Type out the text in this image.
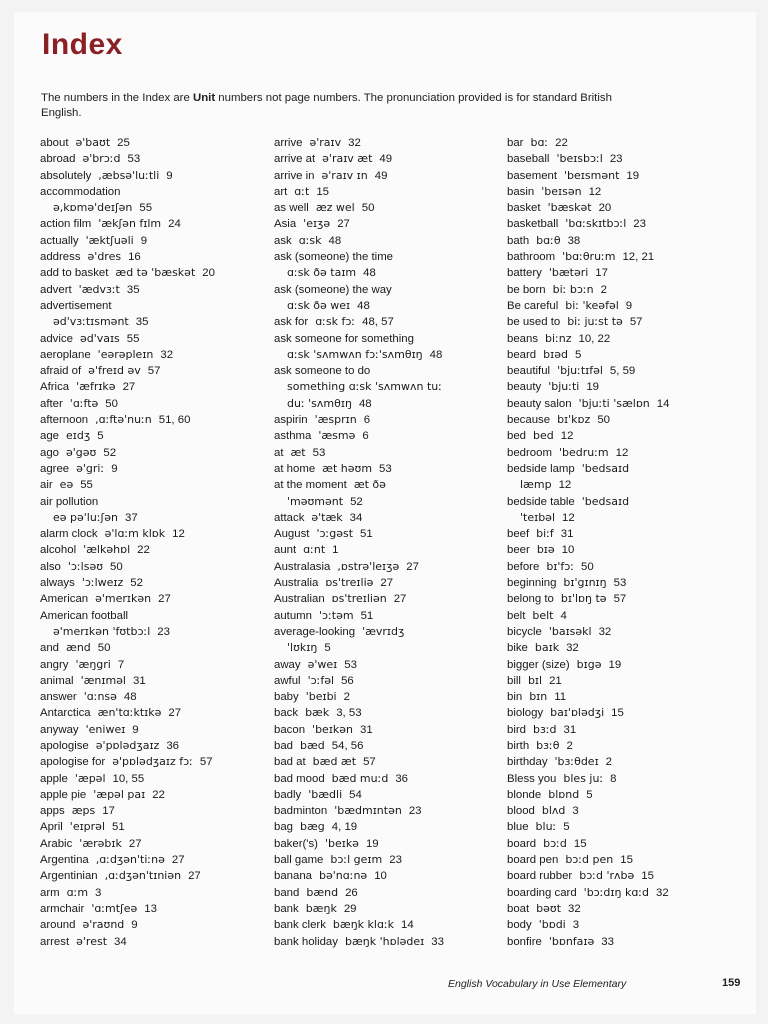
Index
The numbers in the Index are Unit numbers not page numbers. The pronunciation provided is for standard British English.
about ə'baʊt 25
abroad ə'brɔːd 53
absolutely ,æbsə'luːtli 9
accommodation
ə,kɒmə'deɪʃən 55
action film 'ækʃən fɪlm 24
actually 'æktʃuəli 9
address ə'dres 16
add to basket æd tə 'bæskət 20
advert 'ædvɜːt 35
advertisement
əd'vɜːtɪsmənt 35
advice əd'vaɪs 55
aeroplane 'eərəpleɪn 32
afraid of ə'freɪd əv 57
Africa 'æfrɪkə 27
after 'ɑːftə 50
afternoon ,ɑːftə'nuːn 51, 60
age eɪdʒ 5
ago ə'gəʊ 52
agree ə'griː 9
air eə 55
air pollution
eə pə'luːʃən 37
alarm clock ə'lɑːm klɒk 12
alcohol 'ælkəhɒl 22
also 'ɔːlsəʊ 50
always 'ɔːlweɪz 52
American ə'merɪkən 27
American football
ə'merɪkən 'fʊtbɔːl 23
and ænd 50
angry 'æŋgri 7
animal 'ænɪməl 31
answer 'ɑːnsə 48
Antarctica æn'tɑːktɪkə 27
anyway 'eniweɪ 9
apologise ə'pɒlədʒaɪz 36
apologise for ə'pɒlədʒaɪz fɔː 57
apple 'æpəl 10, 55
apple pie 'æpəl paɪ 22
apps æps 17
April 'eɪprəl 51
Arabic 'ærəbɪk 27
Argentina ,ɑːdʒən'tiːnə 27
Argentinian ,ɑːdʒən'tɪniən 27
arm ɑːm 3
armchair 'ɑːmtʃeə 13
around ə'raʊnd 9
arrest ə'rest 34
arrive ə'raɪv 32
arrive at ə'raɪv æt 49
arrive in ə'raɪv ɪn 49
art ɑːt 15
as well æz wel 50
Asia 'eɪʒə 27
ask ɑːsk 48
ask (someone) the time
ɑːsk ðə taɪm 48
ask (someone) the way
ɑːsk ðə weɪ 48
ask for ɑːsk fɔː 48, 57
ask someone for something
ɑːsk 'sʌmwʌn fɔː'sʌmθɪŋ 48
ask someone to do
something ɑːsk 'sʌmwʌn tuː
duː 'sʌmθɪŋ 48
aspirin 'æsprɪn 6
asthma 'æsmə 6
at æt 53
at home æt həʊm 53
at the moment æt ðə
'məʊmənt 52
attack ə'tæk 34
August 'ɔːgəst 51
aunt ɑːnt 1
Australasia ,ɒstrə'leɪʒə 27
Australia ɒs'treɪliə 27
Australian ɒs'treɪliən 27
autumn 'ɔːtəm 51
average-looking 'ævrɪdʒ
'lʊkɪŋ 5
away ə'weɪ 53
awful 'ɔːfəl 56
baby 'beɪbi 2
back bæk 3, 53
bacon 'beɪkən 31
bad bæd 54, 56
bad at bæd æt 57
bad mood bæd muːd 36
badly 'bædli 54
badminton 'bædmɪntən 23
bag bæg 4, 19
baker('s) 'beɪkə 19
ball game bɔːl geɪm 23
banana bə'nɑːnə 10
band bænd 26
bank bæŋk 29
bank clerk bæŋk klɑːk 14
bank holiday bæŋk 'hɒlədeɪ 33
bar bɑː 22
baseball 'beɪsbɔːl 23
basement 'beɪsmənt 19
basin 'beɪsən 12
basket 'bæskət 20
basketball 'bɑːskɪtbɔːl 23
bath bɑːθ 38
bathroom 'bɑːθruːm 12, 21
battery 'bætəri 17
be born biː bɔːn 2
Be careful biː 'keəfəl 9
be used to biː juːst tə 57
beans biːnz 10, 22
beard bɪəd 5
beautiful 'bjuːtɪfəl 5, 59
beauty 'bjuːti 19
beauty salon 'bjuːti 'sælɒn 14
because bɪ'kɒz 50
bed bed 12
bedroom 'bedruːm 12
bedside lamp 'bedsaɪd
læmp 12
bedside table 'bedsaɪd
'teɪbəl 12
beef biːf 31
beer bɪə 10
before bɪ'fɔː 50
beginning bɪ'gɪnɪŋ 53
belong to bɪ'lɒŋ tə 57
belt belt 4
bicycle 'baɪsəkl 32
bike baɪk 32
bigger (size) bɪgə 19
bill bɪl 21
bin bɪn 11
biology baɪ'ɒlədʒi 15
bird bɜːd 31
birth bɜːθ 2
birthday 'bɜːθdeɪ 2
Bless you bles juː 8
blonde blɒnd 5
blood blʌd 3
blue bluː 5
board bɔːd 15
board pen bɔːd pen 15
board rubber bɔːd 'rʌbə 15
boarding card 'bɔːdɪŋ kɑːd 32
boat bəʊt 32
body 'bɒdi 3
bonfire 'bɒnfaɪə 33
English Vocabulary in Use Elementary	159
